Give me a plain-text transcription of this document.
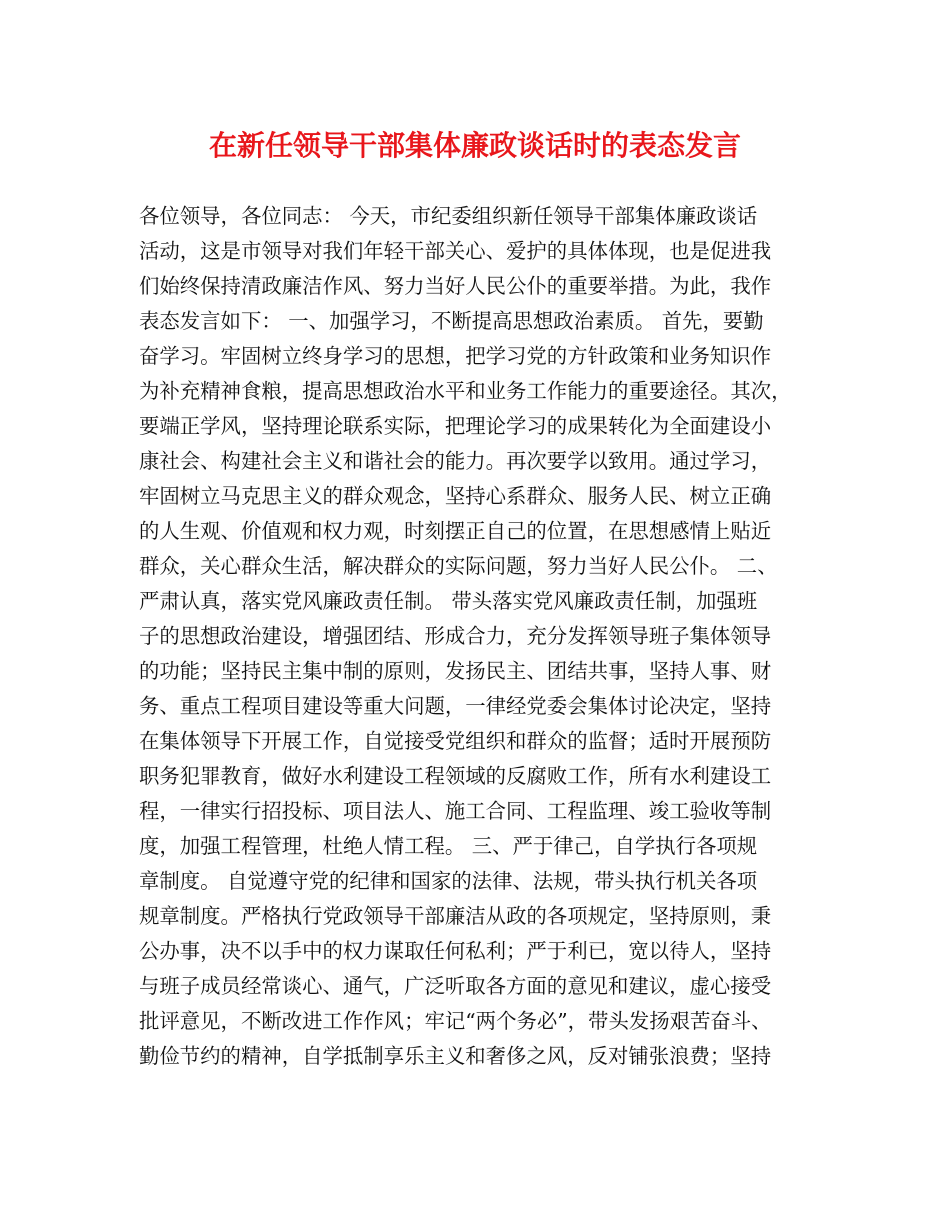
在新任领导干部集体廉政谈话时的表态发言
各位领导，各位同志： 今天，市纪委组织新任领导干部集体廉政谈话
活动，这是市领导对我们年轻干部关心、爱护的具体体现，也是促进我
们始终保持清政廉洁作风、努力当好人民公仆的重要举措。为此，我作
表态发言如下： 一、加强学习，不断提高思想政治素质。 首先，要勤
奋学习。牢固树立终身学习的思想，把学习党的方针政策和业务知识作
为补充精神食粮，提高思想政治水平和业务工作能力的重要途径。其次，
要端正学风，坚持理论联系实际，把理论学习的成果转化为全面建设小
康社会、构建社会主义和谐社会的能力。再次要学以致用。通过学习，
牢固树立马克思主义的群众观念，坚持心系群众、服务人民、树立正确
的人生观、价值观和权力观，时刻摆正自己的位置，在思想感情上贴近
群众，关心群众生活，解决群众的实际问题，努力当好人民公仆。 二、
严肃认真，落实党风廉政责任制。 带头落实党风廉政责任制，加强班
子的思想政治建设，增强团结、形成合力，充分发挥领导班子集体领导
的功能；坚持民主集中制的原则，发扬民主、团结共事，坚持人事、财
务、重点工程项目建设等重大问题，一律经党委会集体讨论决定，坚持
在集体领导下开展工作，自觉接受党组织和群众的监督；适时开展预防
职务犯罪教育，做好水利建设工程领域的反腐败工作，所有水利建设工
程，一律实行招投标、项目法人、施工合同、工程监理、竣工验收等制
度，加强工程管理，杜绝人情工程。 三、严于律己，自学执行各项规
章制度。 自觉遵守党的纪律和国家的法律、法规，带头执行机关各项
规章制度。严格执行党政领导干部廉洁从政的各项规定，坚持原则，秉
公办事，决不以手中的权力谋取任何私利；严于利已，宽以待人，坚持
与班子成员经常谈心、通气，广泛听取各方面的意见和建议，虚心接受
批评意见，不断改进工作作风；牢记“两个务必”，带头发扬艰苦奋斗、
勤俭节约的精神，自学抵制享乐主义和奢侈之风，反对铺张浪费；坚持
